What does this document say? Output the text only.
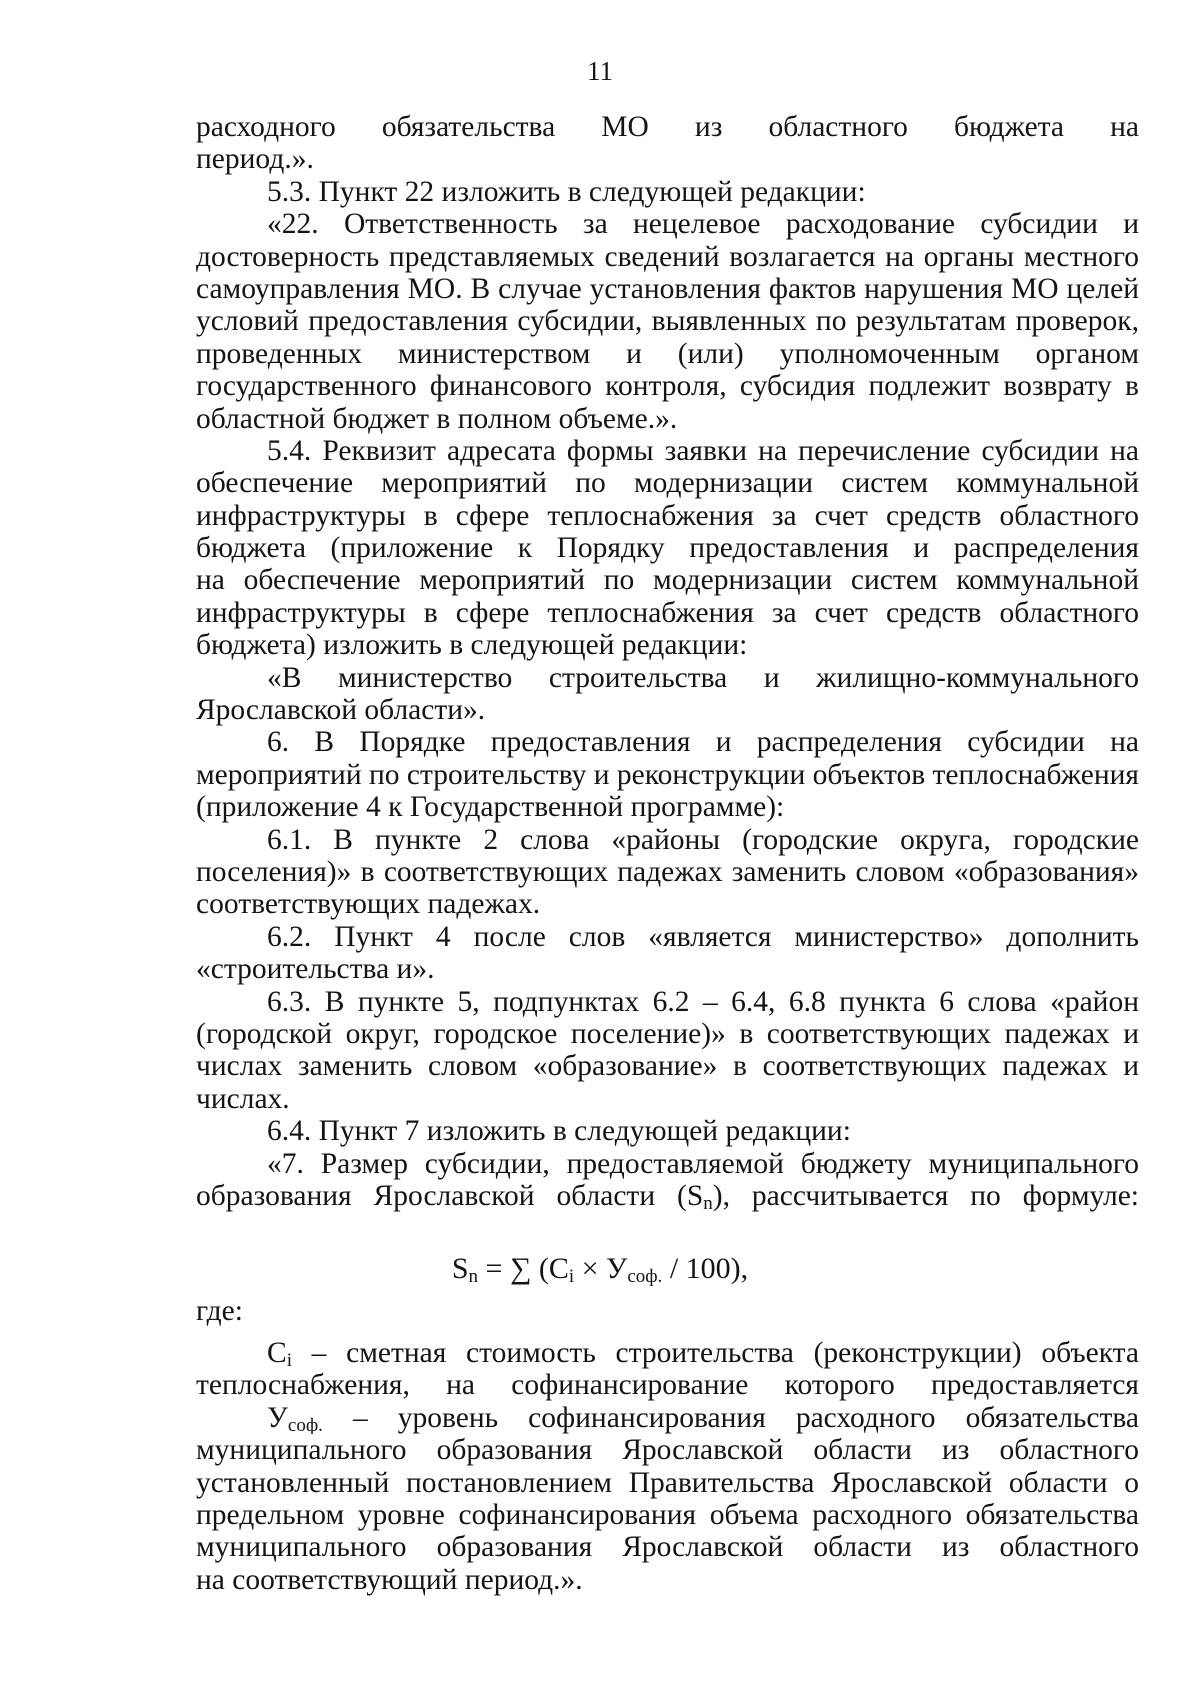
11
расходного обязательства МО из областного бюджета на
период.».
5.3. Пункт 22 изложить в следующей редакции:
«22. Ответственность за нецелевое расходование субсидии и
достоверность представляемых сведений возлагается на органы местного
самоуправления МО. В случае установления фактов нарушения МО целей
условий предоставления субсидии, выявленных по результатам проверок,
проведенных министерством и (или) уполномоченным органом
государственного финансового контроля, субсидия подлежит возврату в
областной бюджет в полном объеме.».
5.4. Реквизит адресата формы заявки на перечисление субсидии на
обеспечение мероприятий по модернизации систем коммунальной
инфраструктуры в сфере теплоснабжения за счет средств областного
бюджета (приложение к Порядку предоставления и распределения
на обеспечение мероприятий по модернизации систем коммунальной
инфраструктуры в сфере теплоснабжения за счет средств областного
бюджета) изложить в следующей редакции:
«В министерство строительства и жилищно-коммунального
Ярославской области».
6. В Порядке предоставления и распределения субсидии на
мероприятий по строительству и реконструкции объектов теплоснабжения
(приложение 4 к Государственной программе):
6.1. В пункте 2 слова «районы (городские округа, городские
поселения)» в соответствующих падежах заменить словом «образования»
соответствующих падежах.
6.2. Пункт 4 после слов «является министерство» дополнить
«строительства и».
6.3. В пункте 5, подпунктах 6.2 – 6.4, 6.8 пункта 6 слова «район
(городской округ, городское поселение)» в соответствующих падежах и
числах заменить словом «образование» в соответствующих падежах и
числах.
6.4. Пункт 7 изложить в следующей редакции:
«7. Размер субсидии, предоставляемой бюджету муниципального
образования Ярославской области $(S_n)$, рассчитывается по формуле:
$S_n$ = ∑ $(C_i \times У_{соф.} / 100)$,
где:
$C_i$ – сметная стоимость строительства (реконструкции) объекта
теплоснабжения, на софинансирование которого предоставляется
$У_{соф.}$ – уровень софинансирования расходного обязательства
муниципального образования Ярославской области из областного
установленный постановлением Правительства Ярославской области о
предельном уровне софинансирования объема расходного обязательства
муниципального образования Ярославской области из областного
на соответствующий период.».
